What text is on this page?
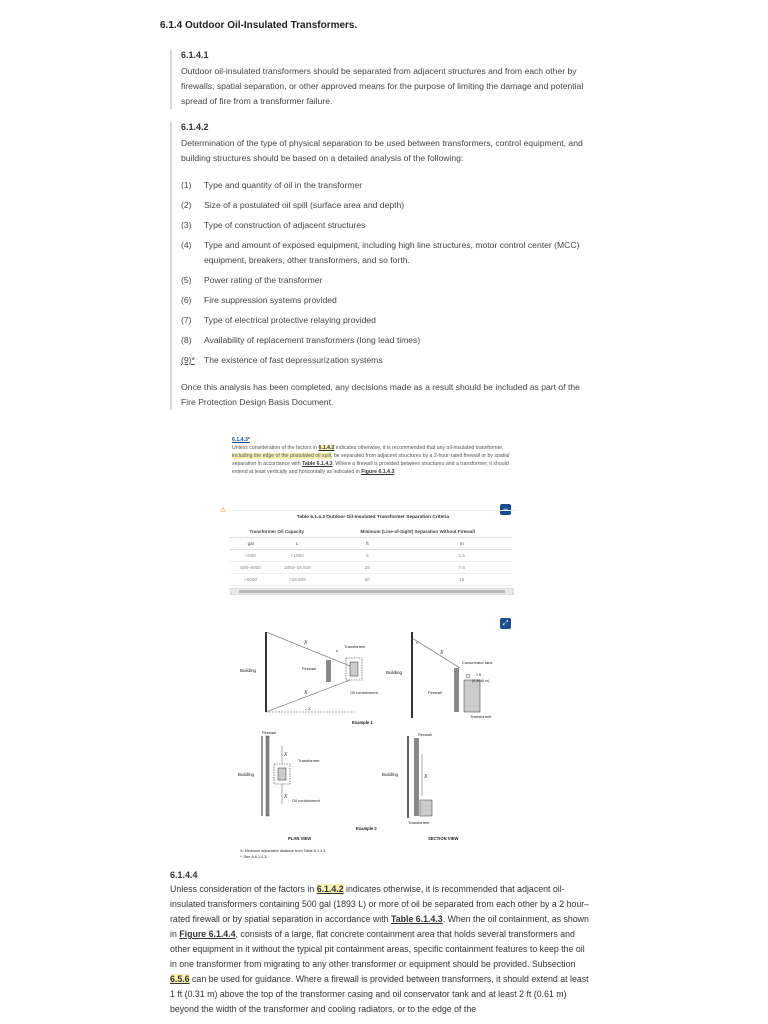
6.1.4 Outdoor Oil-Insulated Transformers.

6.1.4.1

Outdoor oil-insulated transformers should be separated from adjacent structures and from each other by firewalls, spatial separation, or other approved means for the purpose of limiting the damage and potential spread of fire from a transformer failure.

6.1.4.2

Determination of the type of physical separation to be used between transformers, control equipment, and building structures should be based on a detailed analysis of the following:

(1)	Type and quantity of oil in the transformer
(2)	Size of a postulated oil spill (surface area and depth)
(3)	Type of construction of adjacent structures
(4)	Type and amount of exposed equipment, including high line structures, motor control center (MCC) equipment, breakers, other transformers, and so forth.
(5)	Power rating of the transformer
(6)	Fire suppression systems provided
(7)	Type of electrical protective relaying provided
(8)	Availability of replacement transformers (long lead times)
(9)*	The existence of fast depressurization systems

Once this analysis has been completed, any decisions made as a result should be included as part of the Fire Protection Design Basis Document.

6.1.4.3*
Unless consideration of the factors in 6.1.4.2 indicates otherwise, it is recommended that any oil-insulated transformer, including the edge of the postulated oil spill, be separated from adjacent structures by a 2-hour-rated firewall or by spatial separation in accordance with Table 6.1.4.3. Where a firewall is provided between structures and a transformer, it should extend at least vertically and horizontally as indicated in Figure 6.1.4.3.
⚠	−
Table 6.1.4.3 Outdoor Oil-Insulated Transformer Separation Criteria
Transformer Oil Capacity		Minimum (Line-of-Sight) Separation Without Firewall	
gal	L	ft	m
<500	<1893	5	1.5
500–5000	1893–18,925	25	7.6
>5000	>18,925	50	15
⤢
Building
X
X
*
Firewall
Transformer
Oil containment
←X
Building
X
*
Firewall
Conservator tank
1 ft
(0.3048 m)
Transformer
Example 1
Firewall
Building
X
X
Transformer
Oil containment
Firewall
Building	X
Transformer
Example 2
PLAN VIEW	SECTION VIEW
X: Minimum separation distance from Table 6.1.4.3.
*: See A.6.1.4.3.

6.1.4.4

Unless consideration of the factors in 6.1.4.2 indicates otherwise, it is recommended that adjacent oil-insulated transformers containing 500 gal (1893 L) or more of oil be separated from each other by a 2 hour–rated firewall or by spatial separation in accordance with Table 6.1.4.3. When the oil containment, as shown in Figure 6.1.4.4, consists of a large, flat concrete containment area that holds several transformers and other equipment in it without the typical pit containment areas, specific containment features to keep the oil in one transformer from migrating to any other transformer or equipment should be provided. Subsection 6.5.6 can be used for guidance. Where a firewall is provided between transformers, it should extend at least 1 ft (0.31 m) above the top of the transformer casing and oil conservator tank and at least 2 ft (0.61 m) beyond the width of the transformer and cooling radiators, or to the edge of the
